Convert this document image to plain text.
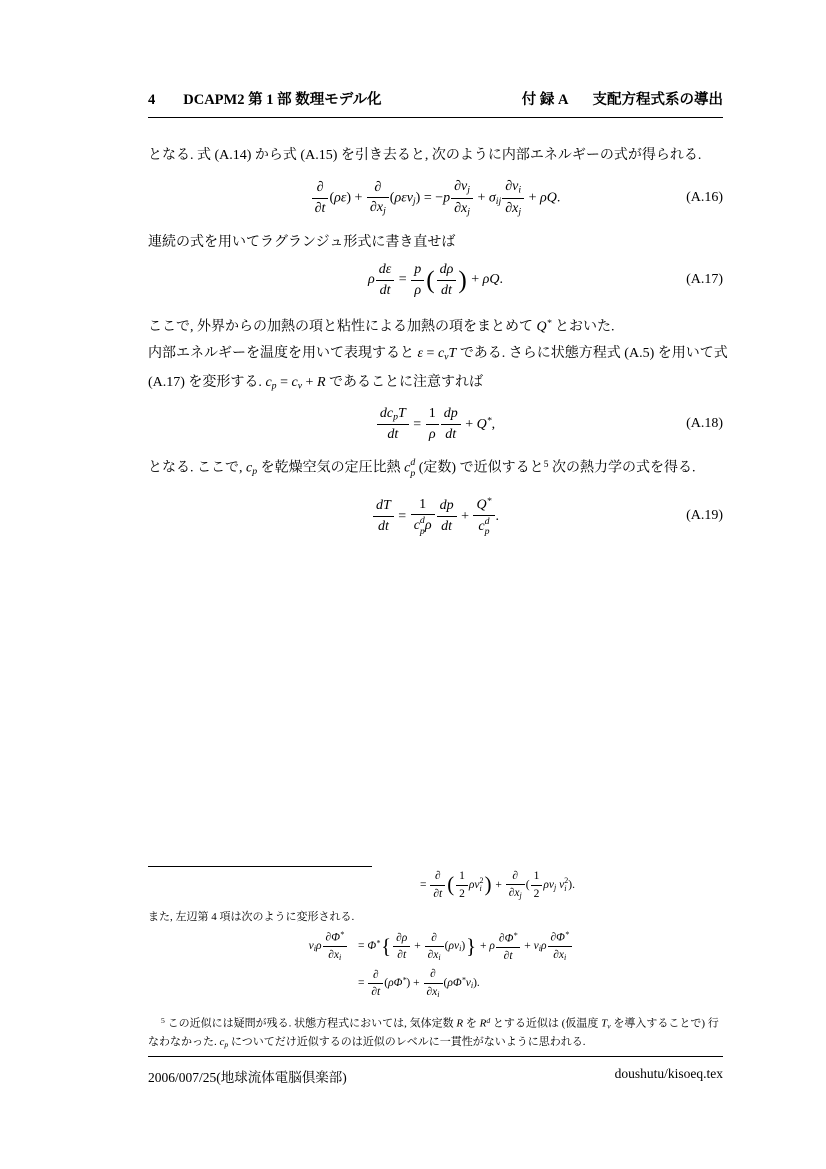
4 DCAPM2 第 1 部 数理モデル化	付 録 A 支配方程式系の導出

となる. 式 (A.14) から式 (A.15) を引き去ると, 次のように内部エネルギーの式が得られる.

$\frac{\partial}{\partial t} (\rho\varepsilon) + \frac{\partial}{\partial xj} (\rho\varepsilon vj) = -p \frac{\partial vj}{\partial xj} + \sigma ij \frac{\partial vi}{\partial xj} + \rho Q$.	(A.16)

連続の式を用いてラグランジュ形式に書き直せば

ρ $\frac{d\varepsilon}{dt} = \frac{p}{\rho}$ ( $\frac{d\rho}{dt}$ ) + ρQ.	(A.17)

ここで, 外界からの加熱の項と粘性による加熱の項をまとめて Q* とおいた.

内部エネルギーを温度を用いて表現すると ε = cvT である. さらに状態方程式 (A.5) を用いて式

(A.17) を変形する. cp = cv + R であることに注意すれば

$\frac{\text{dcpT}}{dt} = \frac{1}{\rho} \frac{dp}{dt} + Q^*$,	(A.18)

となる. ここで, cp を乾燥空気の定圧比熱 c d
p (定数) で近似すると$^5$ 次の熱力学の式を得る.

$\frac{dT}{dt} = 1$
c d
p ρ $\frac{dp}{dt} + Q^*$
c d
p .	(A.19)
= $\frac{\partial}{\partial t}$ ( $\frac{1}{2}$ ρv 2
i ) + $\frac{\partial}{\partial xj}$ ( $\frac{1}{2}$ ρvj v 2
i ).

また, 左辺第 4 項は次のように変形される.

viρ $\frac{\partial\Phi^*}{\partial xi}$	= $\Phi^*\{ \frac{\partial\rho}{\partial t} + \frac{\partial}{\partial xi} (\rho vi)\} + \rho \frac{\partial\Phi^*}{\partial t} + vi\rho \frac{\partial\Phi^*}{\partial xi}$

	= $\frac{\partial}{\partial t} (\rho\Phi^*) + \frac{\partial}{\partial xi} (\rho\Phi^*vi)$.

$^5$ この近似には疑問が残る. 状態方程式においては, 気体定数 R を $R^d$ とする近似は (仮温度 Tv を導入することで) 行

なわなかった. cp についてだけ近似するのは近似のレベルに一貫性がないように思われる.

2006/007/25(地球流体電脳倶楽部)	doushutu/kisoeq.tex
